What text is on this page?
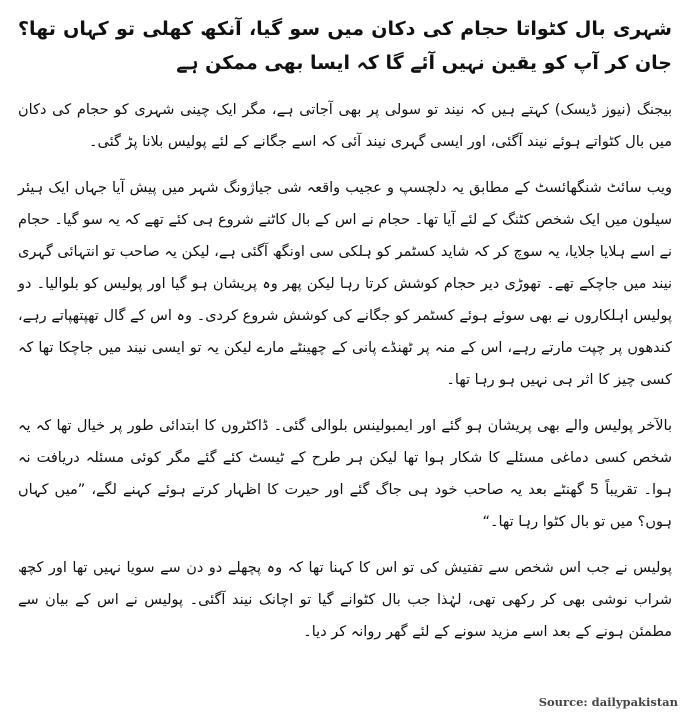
شہری بال کٹواتا حجام کی دکان میں سو گیا، آنکھ کھلی تو کہاں تھا؟ جان کر آپ کو یقین نہیں آئے گا کہ ایسا بھی ممکن ہے

بیجنگ (نیوز ڈیسک) کہتے ہیں کہ نیند تو سولی پر بھی آجاتی ہے، مگر ایک چینی شہری کو حجام کی دکان میں بال کٹواتے ہوئے نیند آگئی، اور ایسی گہری نیند آئی کہ اسے جگانے کے لئے پولیس بلانا پڑ گئی۔

ویب سائٹ شنگھائسٹ کے مطابق یہ دلچسپ و عجیب واقعہ شی جیاژونگ شہر میں پیش آیا جہاں ایک ہیئر سیلون میں ایک شخص کٹنگ کے لئے آیا تھا۔ حجام نے اس کے بال کاٹنے شروع ہی کئے تھے کہ یہ سو گیا۔ حجام نے اسے ہلایا جلایا، یہ سوچ کر کہ شاید کسٹمر کو ہلکی سی اونگھ آگئی ہے، لیکن یہ صاحب تو انتہائی گہری نیند میں جاچکے تھے۔ تھوڑی دیر حجام کوشش کرتا رہا لیکن پھر وہ پریشان ہو گیا اور پولیس کو بلوالیا۔ دو پولیس اہلکاروں نے بھی سوئے ہوئے کسٹمر کو جگانے کی کوشش شروع کردی۔ وہ اس کے گال تھپتھپاتے رہے، کندھوں پر چپت مارتے رہے، اس کے منہ پر ٹھنڈے پانی کے چھینٹے مارے لیکن یہ تو ایسی نیند میں جاچکا تھا کہ کسی چیز کا اثر ہی نہیں ہو رہا تھا۔

بالآخر پولیس والے بھی پریشان ہو گئے اور ایمبولینس بلوالی گئی۔ ڈاکٹروں کا ابتدائی طور پر خیال تھا کہ یہ شخص کسی دماغی مسئلے کا شکار ہوا تھا لیکن ہر طرح کے ٹیسٹ کئے گئے مگر کوئی مسئلہ دریافت نہ ہوا۔ تقریباً 5 گھنٹے بعد یہ صاحب خود ہی جاگ گئے اور حیرت کا اظہار کرتے ہوئے کہنے لگے، ”میں کہاں ہوں؟ میں تو بال کٹوا رہا تھا۔“

پولیس نے جب اس شخص سے تفتیش کی تو اس کا کہنا تھا کہ وہ پچھلے دو دن سے سویا نہیں تھا اور کچھ شراب نوشی بھی کر رکھی تھی، لہٰذا جب بال کٹوانے گیا تو اچانک نیند آگئی۔ پولیس نے اس کے بیان سے مطمئن ہونے کے بعد اسے مزید سونے کے لئے گھر روانہ کر دیا۔

Source: dailypakistan
